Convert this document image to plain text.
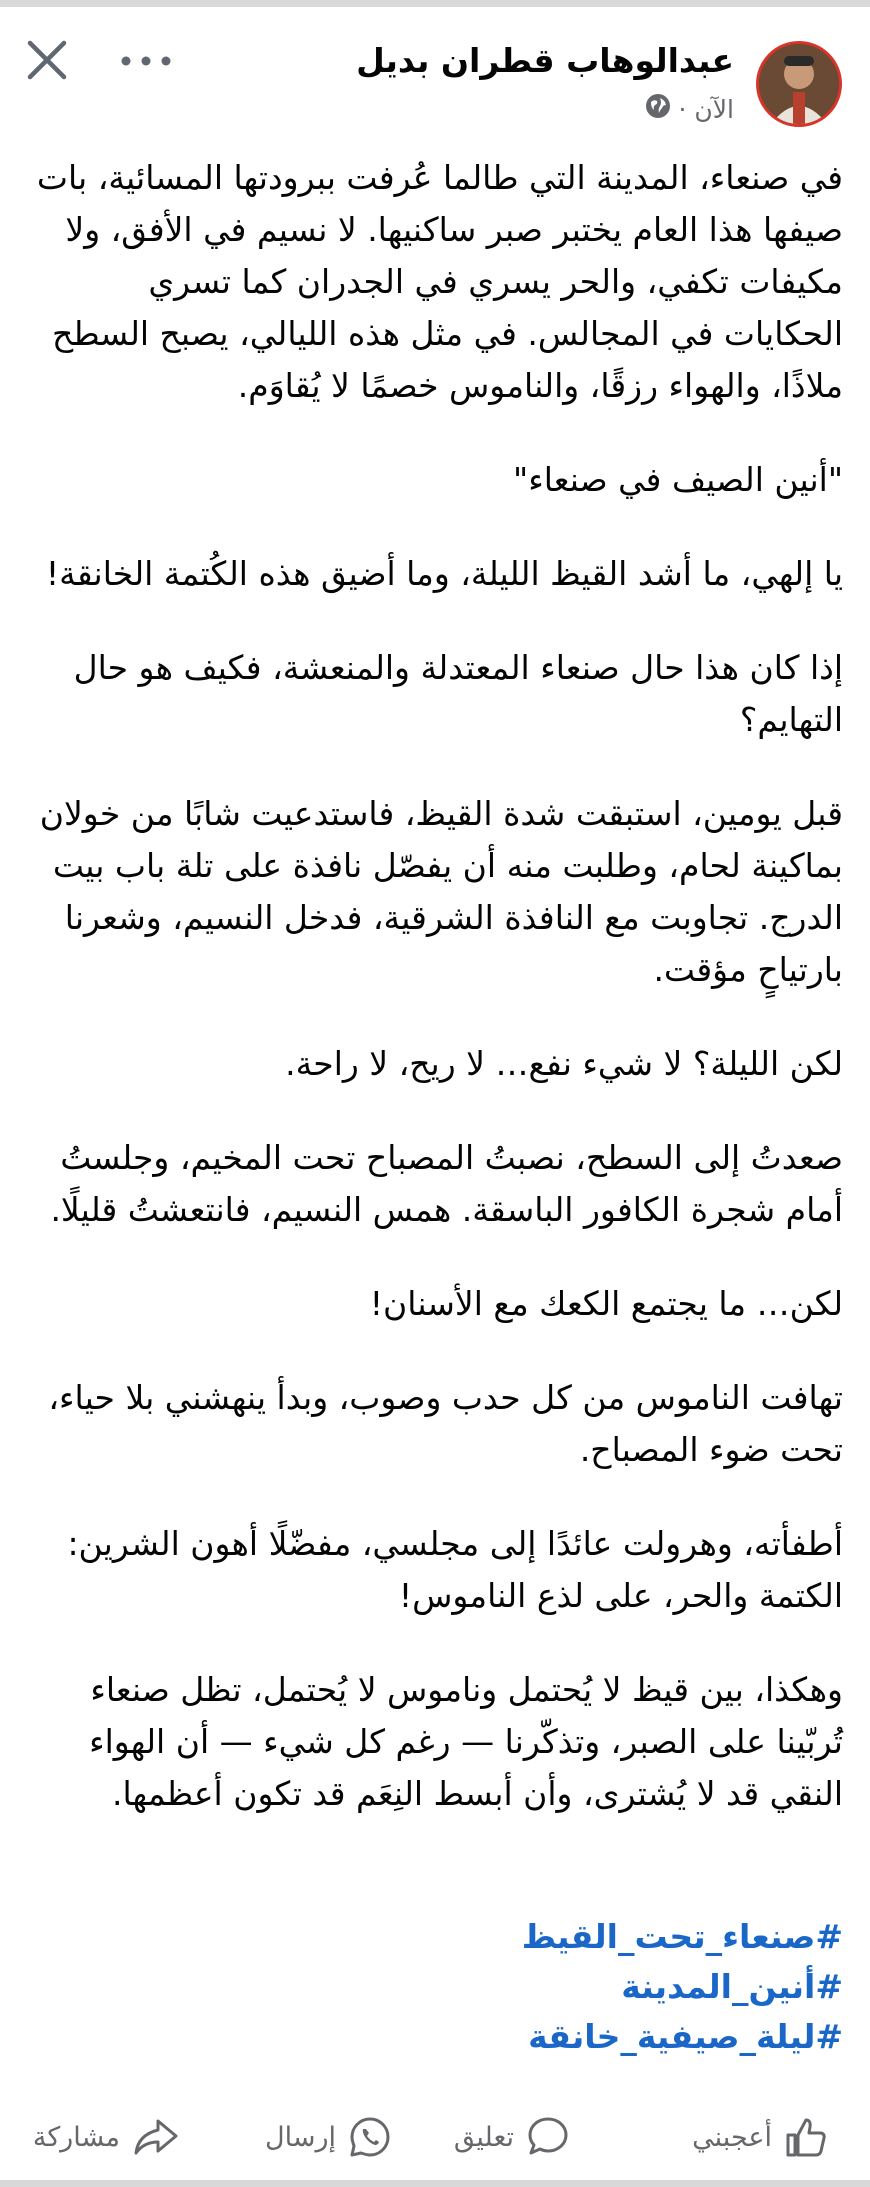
عبدالوهاب قطران بديل
الآن ·

في صنعاء، المدينة التي طالما عُرفت ببرودتها المسائية، بات صيفها هذا العام يختبر صبر ساكنيها. لا نسيم في الأفق، ولا مكيفات تكفي، والحر يسري في الجدران كما تسري الحكايات في المجالس. في مثل هذه الليالي، يصبح السطح ملاذًا، والهواء رزقًا، والناموس خصمًا لا يُقاوَم.

"أنين الصيف في صنعاء"

يا إلهي، ما أشد القيظ الليلة، وما أضيق هذه الكُتمة الخانقة!

إذا كان هذا حال صنعاء المعتدلة والمنعشة، فكيف هو حال التهايم؟

قبل يومين، استبقت شدة القيظ، فاستدعيت شابًا من خولان بماكينة لحام، وطلبت منه أن يفصّل نافذة على تلة باب بيت الدرج. تجاوبت مع النافذة الشرقية، فدخل النسيم، وشعرنا بارتياحٍ مؤقت.

لكن الليلة؟ لا شيء نفع… لا ريح، لا راحة.

صعدتُ إلى السطح، نصبتُ المصباح تحت المخيم، وجلستُ أمام شجرة الكافور الباسقة. همس النسيم، فانتعشتُ قليلًا.

لكن… ما يجتمع الكعك مع الأسنان!

تهافت الناموس من كل حدب وصوب، وبدأ ينهشني بلا حياء، تحت ضوء المصباح.

أطفأته، وهرولت عائدًا إلى مجلسي، مفضّلًا أهون الشرين: الكتمة والحر، على لذع الناموس!

وهكذا، بين قيظ لا يُحتمل وناموس لا يُحتمل، تظل صنعاء تُربّينا على الصبر، وتذكّرنا — رغم كل شيء — أن الهواء النقي قد لا يُشترى، وأن أبسط النِعَم قد تكون أعظمها.

#صنعاء_تحت_القيظ
#أنين_المدينة
#ليلة_صيفية_خانقة
أعجبني
تعليق
إرسال
مشاركة
